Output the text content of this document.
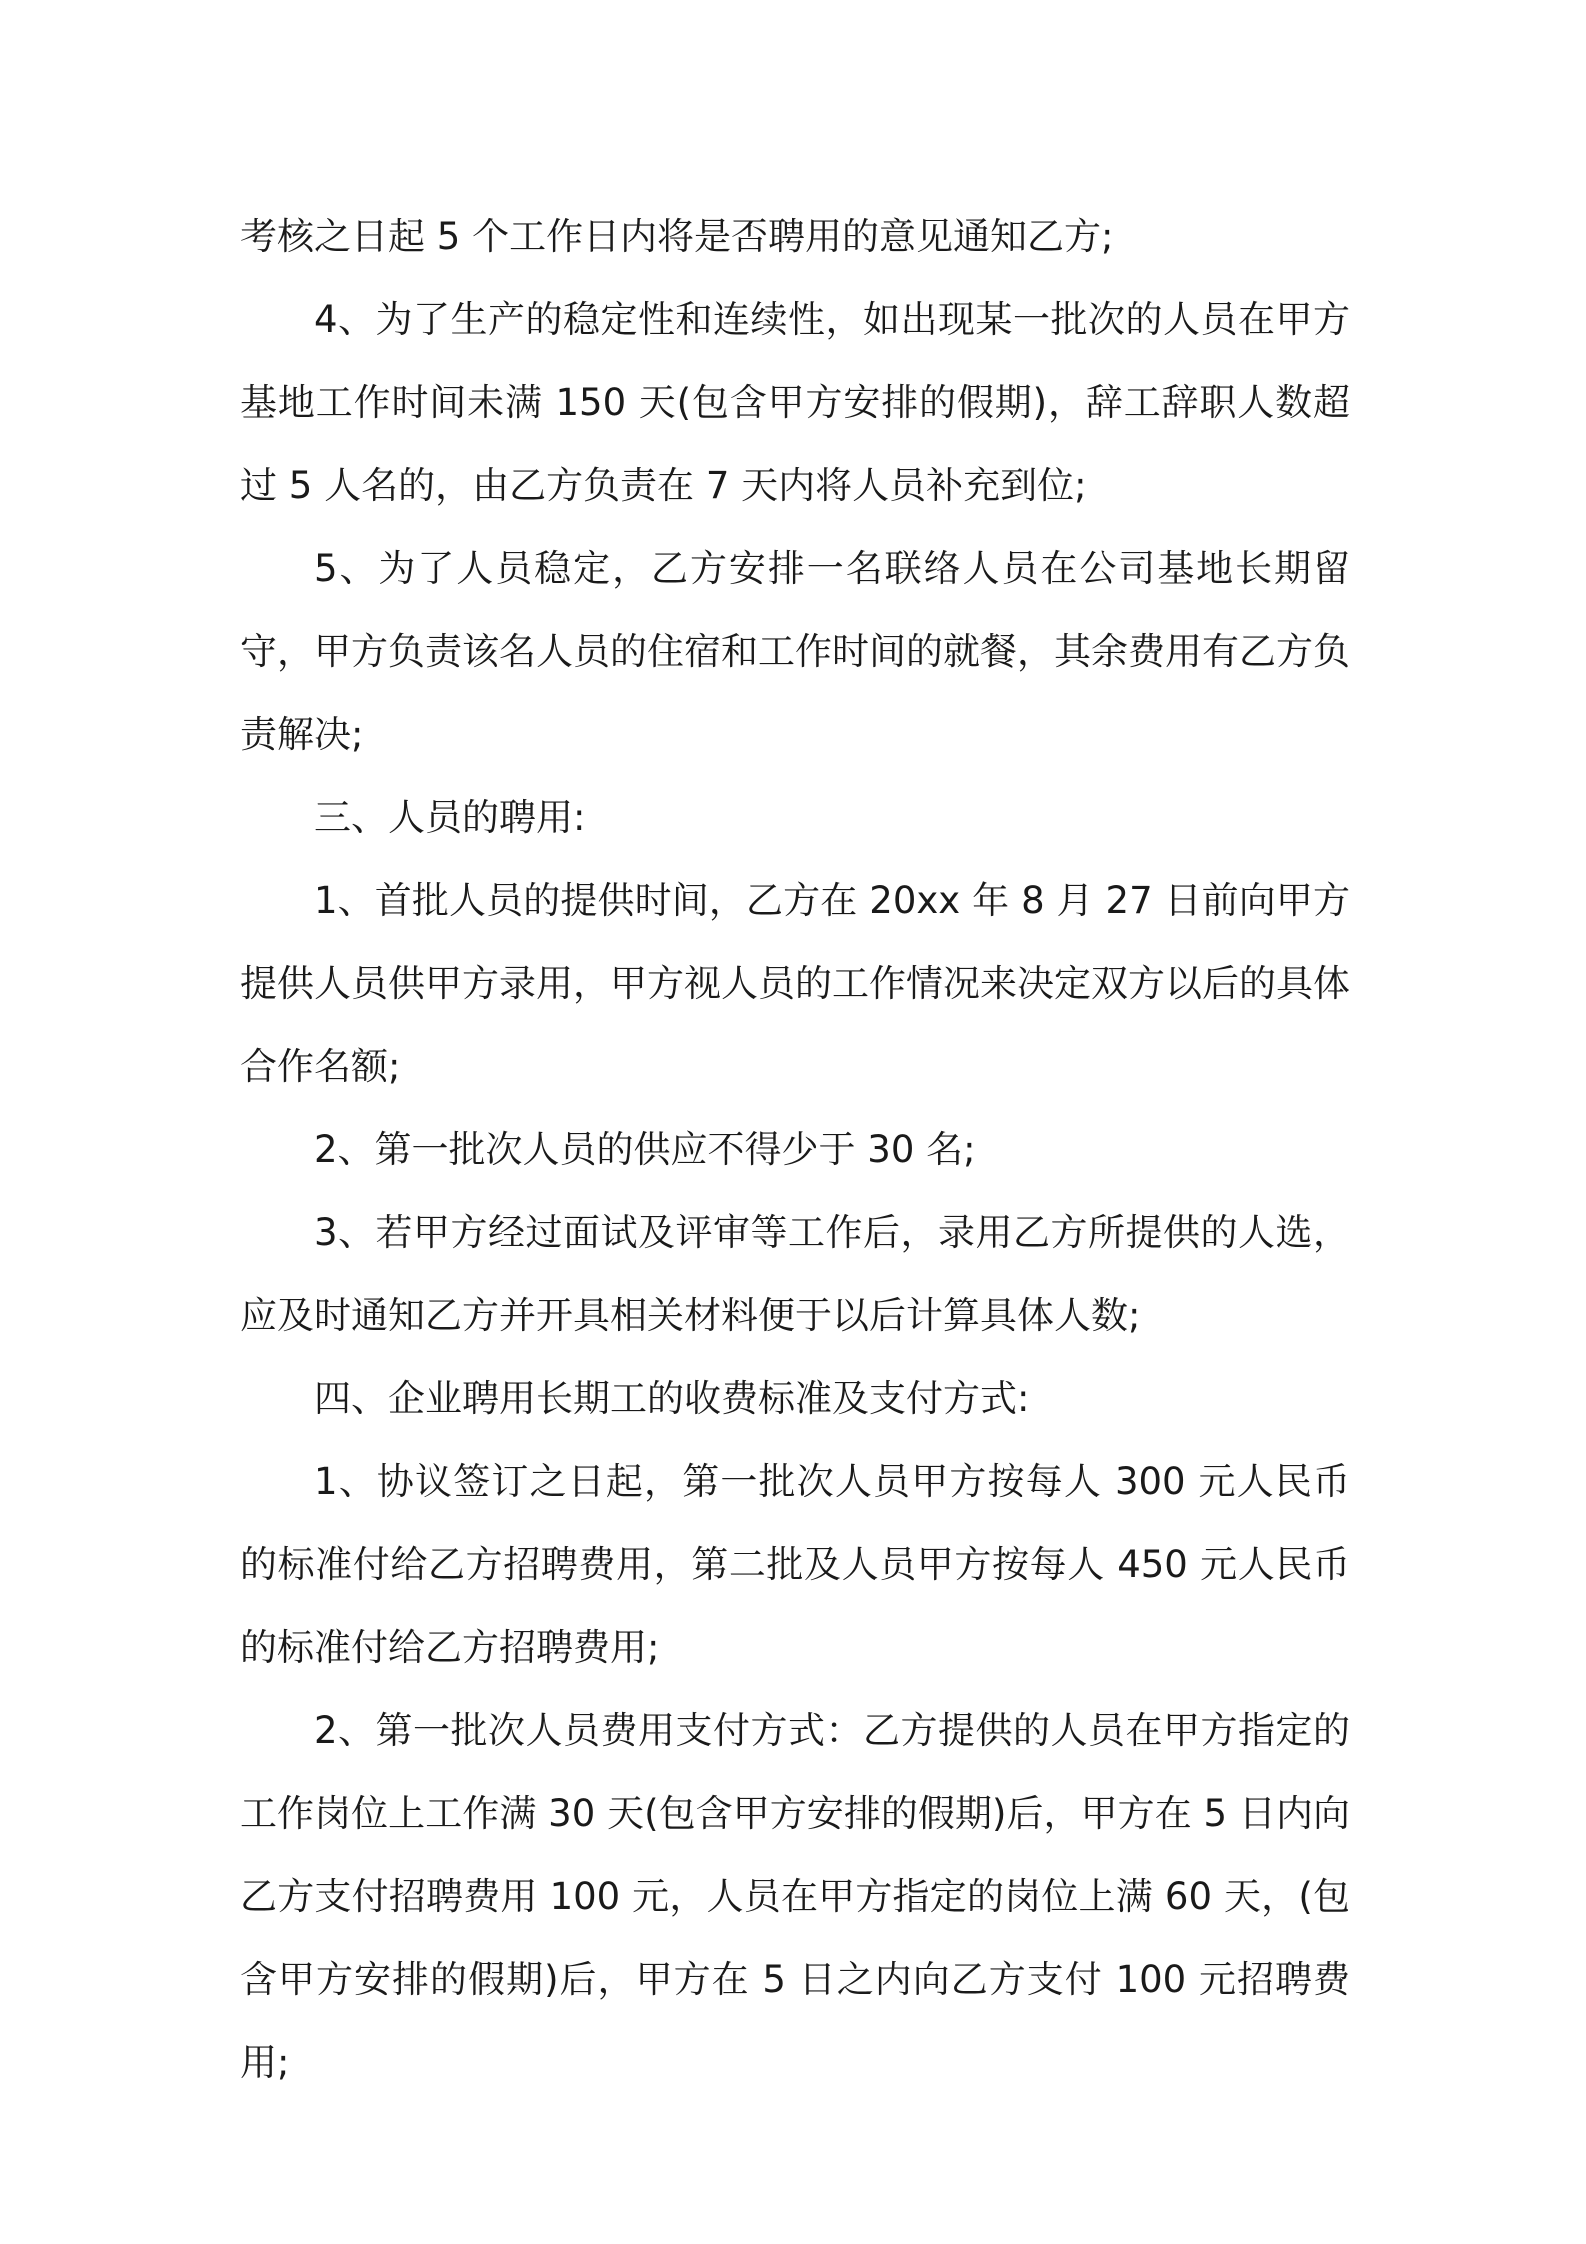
考核之日起 5 个工作日内将是否聘用的意见通知乙方;

4、为了生产的稳定性和连续性，如出现某一批次的人员在甲方基地工作时间未满 150 天(包含甲方安排的假期)，辞工辞职人数超过 5 人名的，由乙方负责在 7 天内将人员补充到位;

5、为了人员稳定，乙方安排一名联络人员在公司基地长期留守，甲方负责该名人员的住宿和工作时间的就餐，其余费用有乙方负责解决;

三、人员的聘用:

1、首批人员的提供时间，乙方在 20xx 年 8 月 27 日前向甲方提供人员供甲方录用，甲方视人员的工作情况来决定双方以后的具体合作名额;

2、第一批次人员的供应不得少于 30 名;

3、若甲方经过面试及评审等工作后，录用乙方所提供的人选，应及时通知乙方并开具相关材料便于以后计算具体人数;

四、企业聘用长期工的收费标准及支付方式:

1、协议签订之日起，第一批次人员甲方按每人 300 元人民币的标准付给乙方招聘费用，第二批及人员甲方按每人 450 元人民币的标准付给乙方招聘费用;

2、第一批次人员费用支付方式：乙方提供的人员在甲方指定的工作岗位上工作满 30 天(包含甲方安排的假期)后，甲方在 5 日内向乙方支付招聘费用 100 元，人员在甲方指定的岗位上满 60 天，(包含甲方安排的假期)后，甲方在 5 日之内向乙方支付 100 元招聘费用;
